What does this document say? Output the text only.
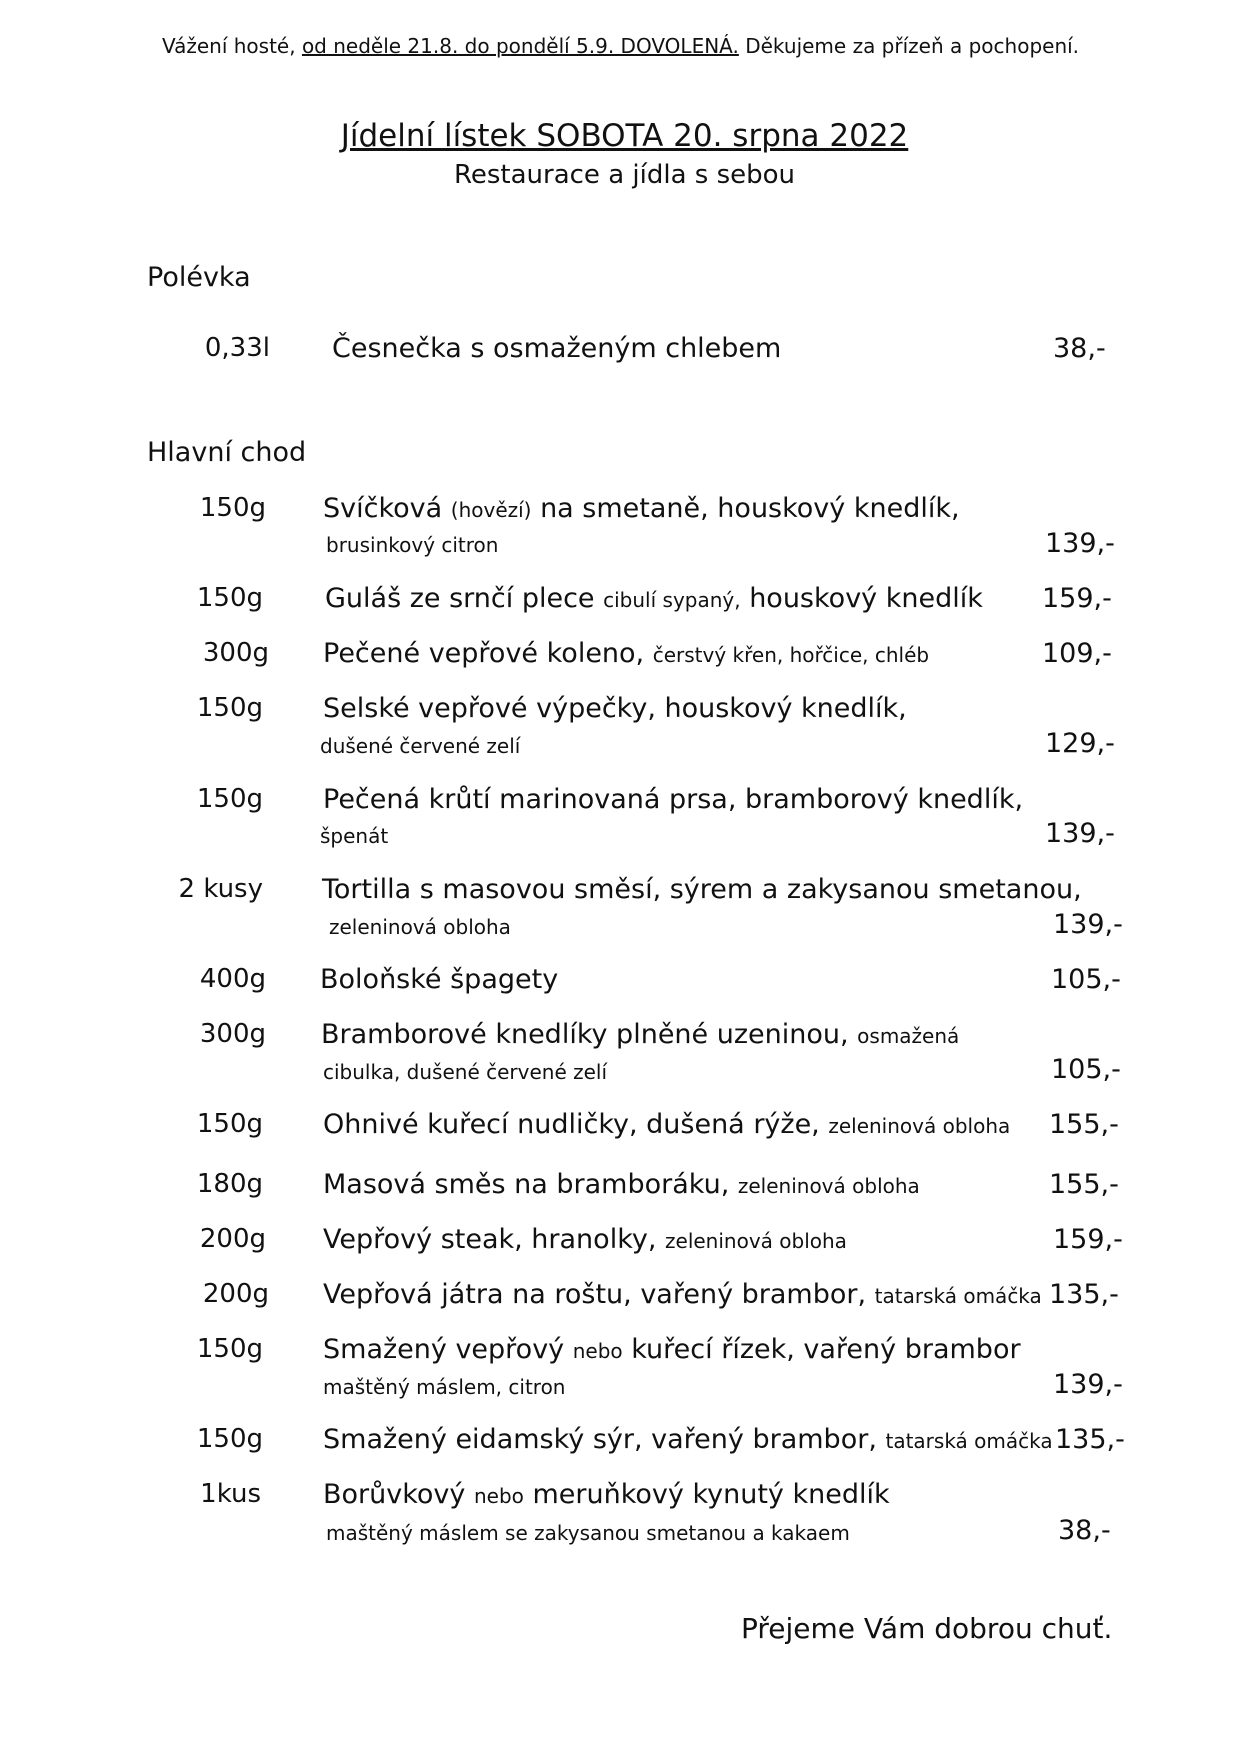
Vážení hosté, od neděle 21.8. do pondělí 5.9. DOVOLENÁ. Děkujeme za přízeň a pochopení.
Jídelní lístek SOBOTA 20. srpna 2022
Restaurace a jídla s sebou
Polévka
0,33l Česnečka s osmaženým chlebem	38,-
Hlavní chod
150g Svíčková (hovězí) na smetaně, houskový knedlík,
brusinkový citron	139,-
150g Guláš ze srnčí plece cibulí sypaný, houskový knedlík 159,-
300g Pečené vepřové koleno, čerstvý křen, hořčice, chléb	109,-
150g Selské vepřové výpečky, houskový knedlík,
dušené červené zelí	129,-
150g Pečená krůtí marinovaná prsa, bramborový knedlík,
špenát	139,-
2 kusy Tortilla s masovou směsí, sýrem a zakysanou smetanou,
zeleninová obloha	139,-
400g Boloňské špagety	105,-
300g Bramborové knedlíky plněné uzeninou, osmažená
cibulka, dušené červené zelí	105,-
150g Ohnivé kuřecí nudličky, dušená rýže, zeleninová obloha 155,-
180g Masová směs na bramboráku, zeleninová obloha	155,-
200g Vepřový steak, hranolky, zeleninová obloha	159,-
200g Vepřová játra na roštu, vařený brambor, tatarská omáčka 135,-
150g Smažený vepřový nebo kuřecí řízek, vařený brambor
maštěný máslem, citron	139,-
150g Smažený eidamský sýr, vařený brambor, tatarská omáčka 135,-
1kus Borůvkový nebo meruňkový kynutý knedlík
maštěný máslem se zakysanou smetanou a kakaem	38,-
Přejeme Vám dobrou chuť.
